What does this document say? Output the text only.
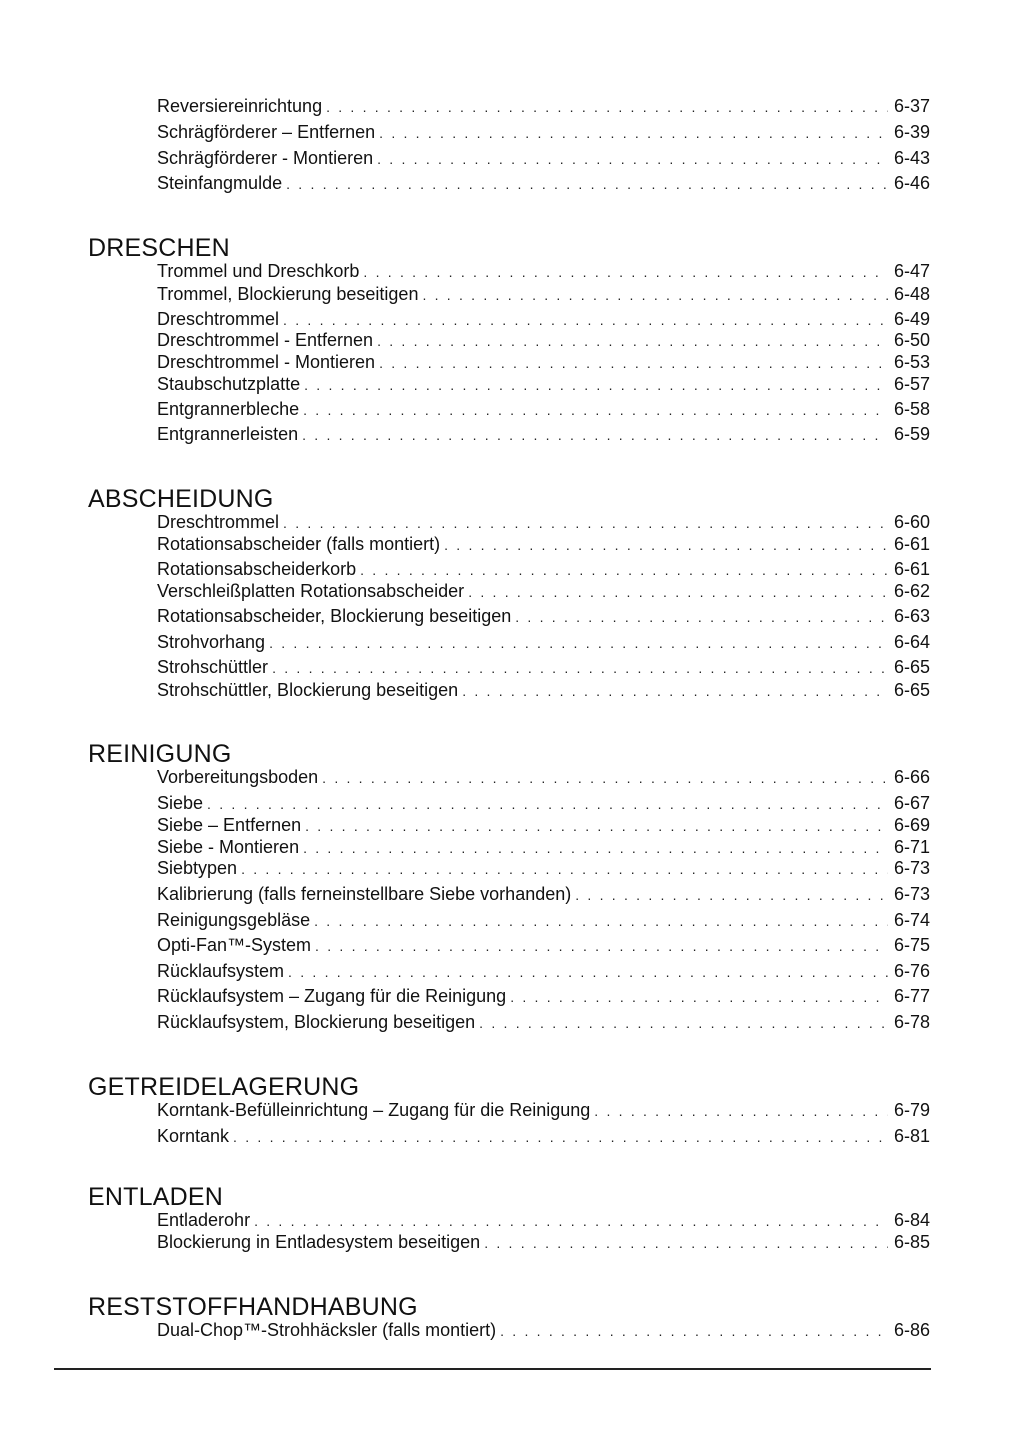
Reversiereinrichtung . . .	6-37
Schrägförderer – Entfernen . . .	6-39
Schrägförderer - Montieren . . .	6-43
Steinfangmulde . . .	6-46
DRESCHEN
Trommel und Dreschkorb . . .	6-47
Trommel, Blockierung beseitigen . . .	6-48
Dreschtrommel . . .	6-49
Dreschtrommel - Entfernen . . .	6-50
Dreschtrommel - Montieren . . .	6-53
Staubschutzplatte . . .	6-57
Entgrannerbleche . . .	6-58
Entgrannerleisten . . .	6-59
ABSCHEIDUNG
Dreschtrommel . . .	6-60
Rotationsabscheider (falls montiert) . . .	6-61
Rotationsabscheiderkorb . . .	6-61
Verschleißplatten Rotationsabscheider . . .	6-62
Rotationsabscheider, Blockierung beseitigen . . .	6-63
Strohvorhang . . .	6-64
Strohschüttler . . .	6-65
Strohschüttler, Blockierung beseitigen . . .	6-65
REINIGUNG
Vorbereitungsboden . . .	6-66
Siebe . . .	6-67
Siebe – Entfernen . . .	6-69
Siebe - Montieren . . .	6-71
Siebtypen . . .	6-73
Kalibrierung (falls ferneinstellbare Siebe vorhanden) . . .	6-73
Reinigungsgebläse . . .	6-74
Opti-Fan™-System . . .	6-75
Rücklaufsystem . . .	6-76
Rücklaufsystem – Zugang für die Reinigung . . .	6-77
Rücklaufsystem, Blockierung beseitigen . . .	6-78
GETREIDELAGERUNG
Korntank-Befülleinrichtung – Zugang für die Reinigung . . .	6-79
Korntank . . .	6-81
ENTLADEN
Entladerohr . . .	6-84
Blockierung in Entladesystem beseitigen . . .	6-85
RESTSTOFFHANDHABUNG
Dual-Chop™-Strohhäcksler (falls montiert) . . .	6-86
